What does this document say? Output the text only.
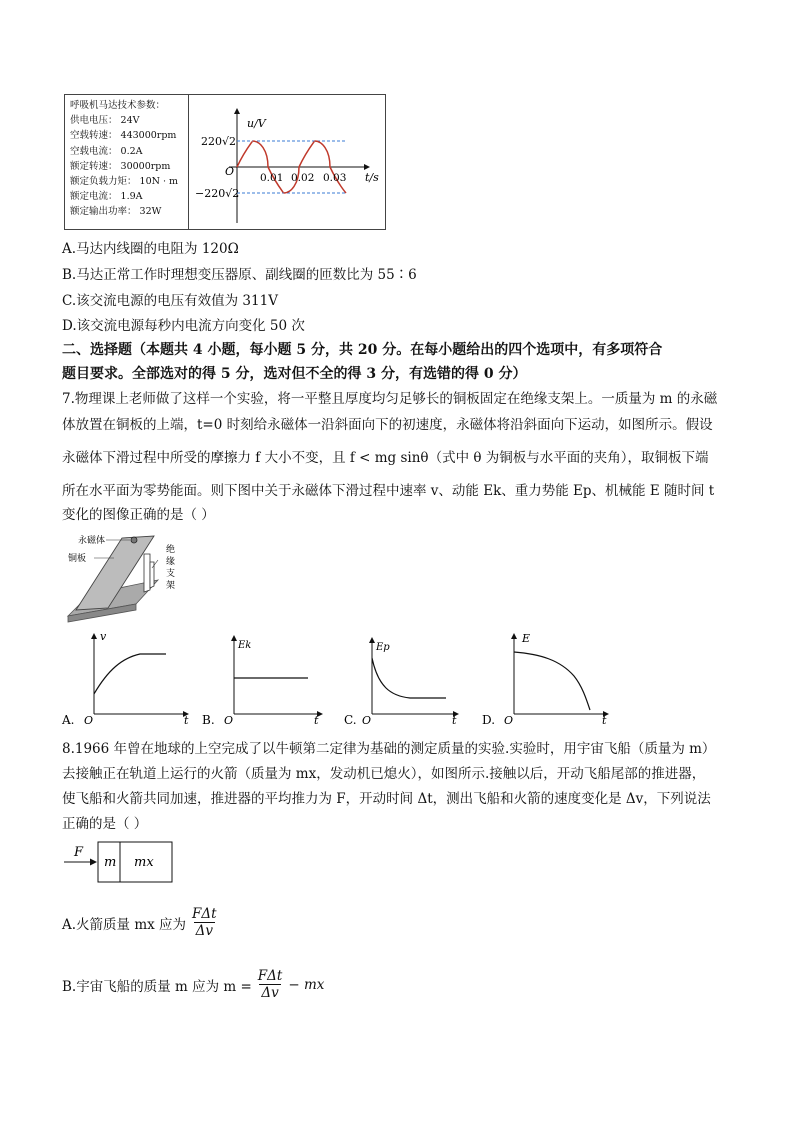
呼吸机马达技术参数：
供电电压： 24V
空载转速： 443000rpm
空载电流： 0.2A
额定转速： 30000rpm
额定负载力矩： 10N · m
额定电流： 1.9A
额定输出功率： 32W
u/V
t/s
220√2
−220√2
O 0.01 0.02 0.03
A.马达内线圈的电阻为 120Ω
B.马达正常工作时理想变压器原、副线圈的匝数比为 55∶6
C.该交流电源的电压有效值为 311V
D.该交流电源每秒内电流方向变化 50 次
二、选择题（本题共 4 小题，每小题 5 分，共 20 分。在每小题给出的四个选项中，有多项符合
题目要求。全部选对的得 5 分，选对但不全的得 3 分，有选错的得 0 分）
7.物理课上老师做了这样一个实验，将一平整且厚度均匀足够长的铜板固定在绝缘支架上。一质量为 m 的永磁
体放置在铜板的上端，t=0 时刻给永磁体一沿斜面向下的初速度，永磁体将沿斜面向下运动，如图所示。假设
永磁体下滑过程中所受的摩擦力 f 大小不变，且 f < mg sinθ（式中 θ 为铜板与水平面的夹角），取铜板下端
所在水平面为零势能面。则下图中关于永磁体下滑过程中速率 v、动能 Ek、重力势能 Ep、机械能 E 随时间 t
变化的图像正确的是（ ）
永磁体
铜板
绝
缘
支
架
A.
v
t
O	B.
Ek
t
O	C.
Ep
t
O	D.
E
t
O
8.1966 年曾在地球的上空完成了以牛顿第二定律为基础的测定质量的实验.实验时，用宇宙飞船（质量为 m）
去接触正在轨道上运行的火箭（质量为 mx，发动机已熄火），如图所示.接触以后，开动飞船尾部的推进器，
使飞船和火箭共同加速，推进器的平均推力为 F，开动时间 Δt，测出飞船和火箭的速度变化是 Δv，下列说法
正确的是（ ）
F
m mx
A.火箭质量 mx 应为
FΔt
Δv
B.宇宙飞船的质量 m 应为 m =
FΔt
Δv
− mx
